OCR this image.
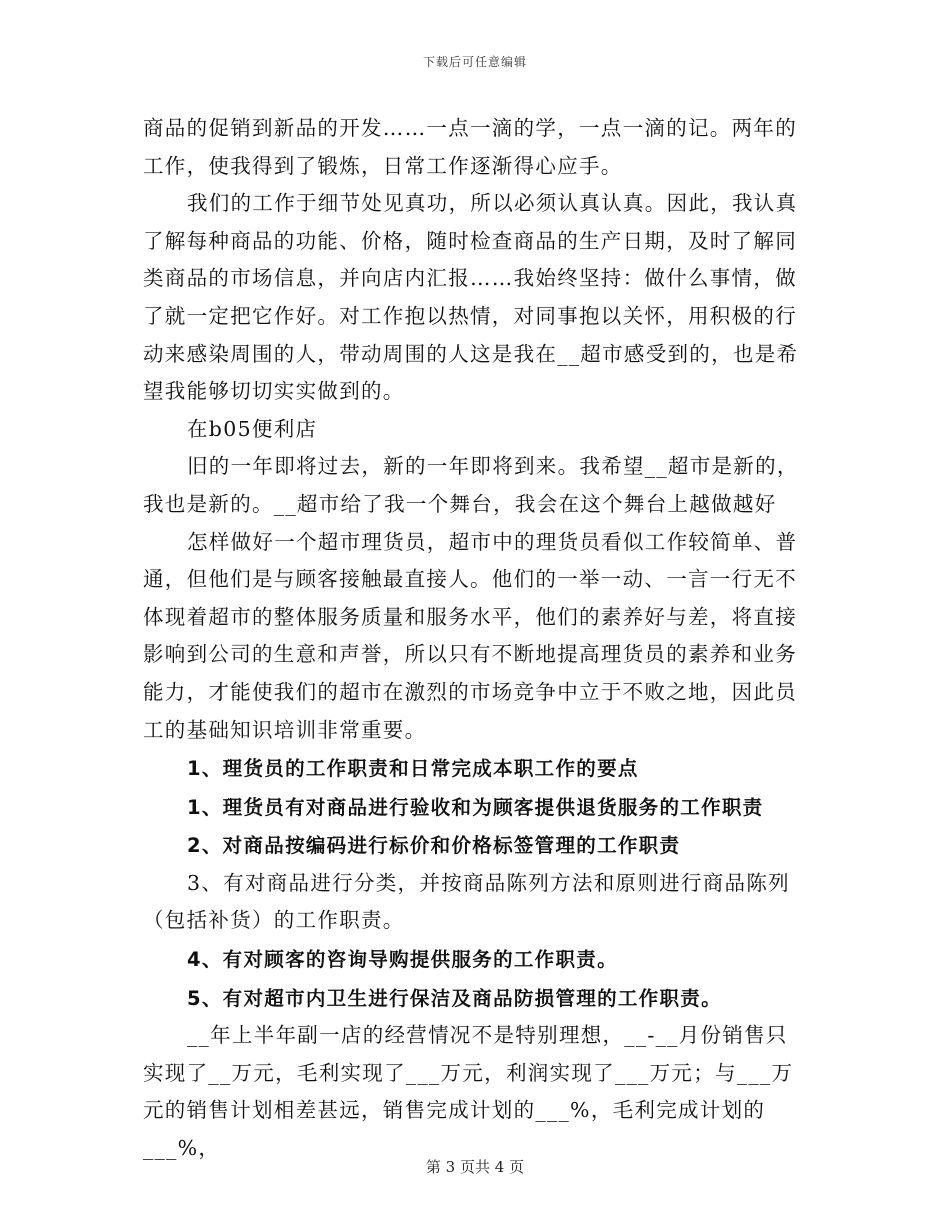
下载后可任意编辑

商品的促销到新品的开发……一点一滴的学，一点一滴的记。两年的工作，使我得到了锻炼，日常工作逐渐得心应手。

我们的工作于细节处见真功，所以必须认真认真。因此，我认真了解每种商品的功能、价格，随时检查商品的生产日期，及时了解同类商品的市场信息，并向店内汇报……我始终坚持：做什么事情，做了就一定把它作好。对工作抱以热情，对同事抱以关怀，用积极的行动来感染周围的人，带动周围的人这是我在__超市感受到的，也是希望我能够切切实实做到的。

在b05便利店

旧的一年即将过去，新的一年即将到来。我希望__超市是新的，我也是新的。__超市给了我一个舞台，我会在这个舞台上越做越好

怎样做好一个超市理货员，超市中的理货员看似工作较简单、普通，但他们是与顾客接触最直接人。他们的一举一动、一言一行无不体现着超市的整体服务质量和服务水平，他们的素养好与差，将直接影响到公司的生意和声誉，所以只有不断地提高理货员的素养和业务能力，才能使我们的超市在激烈的市场竞争中立于不败之地，因此员工的基础知识培训非常重要。

1、理货员的工作职责和日常完成本职工作的要点

1、理货员有对商品进行验收和为顾客提供退货服务的工作职责

2、对商品按编码进行标价和价格标签管理的工作职责

3、有对商品进行分类，并按商品陈列方法和原则进行商品陈列（包括补货）的工作职责。

4、有对顾客的咨询导购提供服务的工作职责。

5、有对超市内卫生进行保洁及商品防损管理的工作职责。

__年上半年副一店的经营情况不是特别理想，__-__月份销售只实现了__万元，毛利实现了___万元，利润实现了___万元；与___万元的销售计划相差甚远，销售完成计划的___%，毛利完成计划的___%，

第 3 页共 4 页
